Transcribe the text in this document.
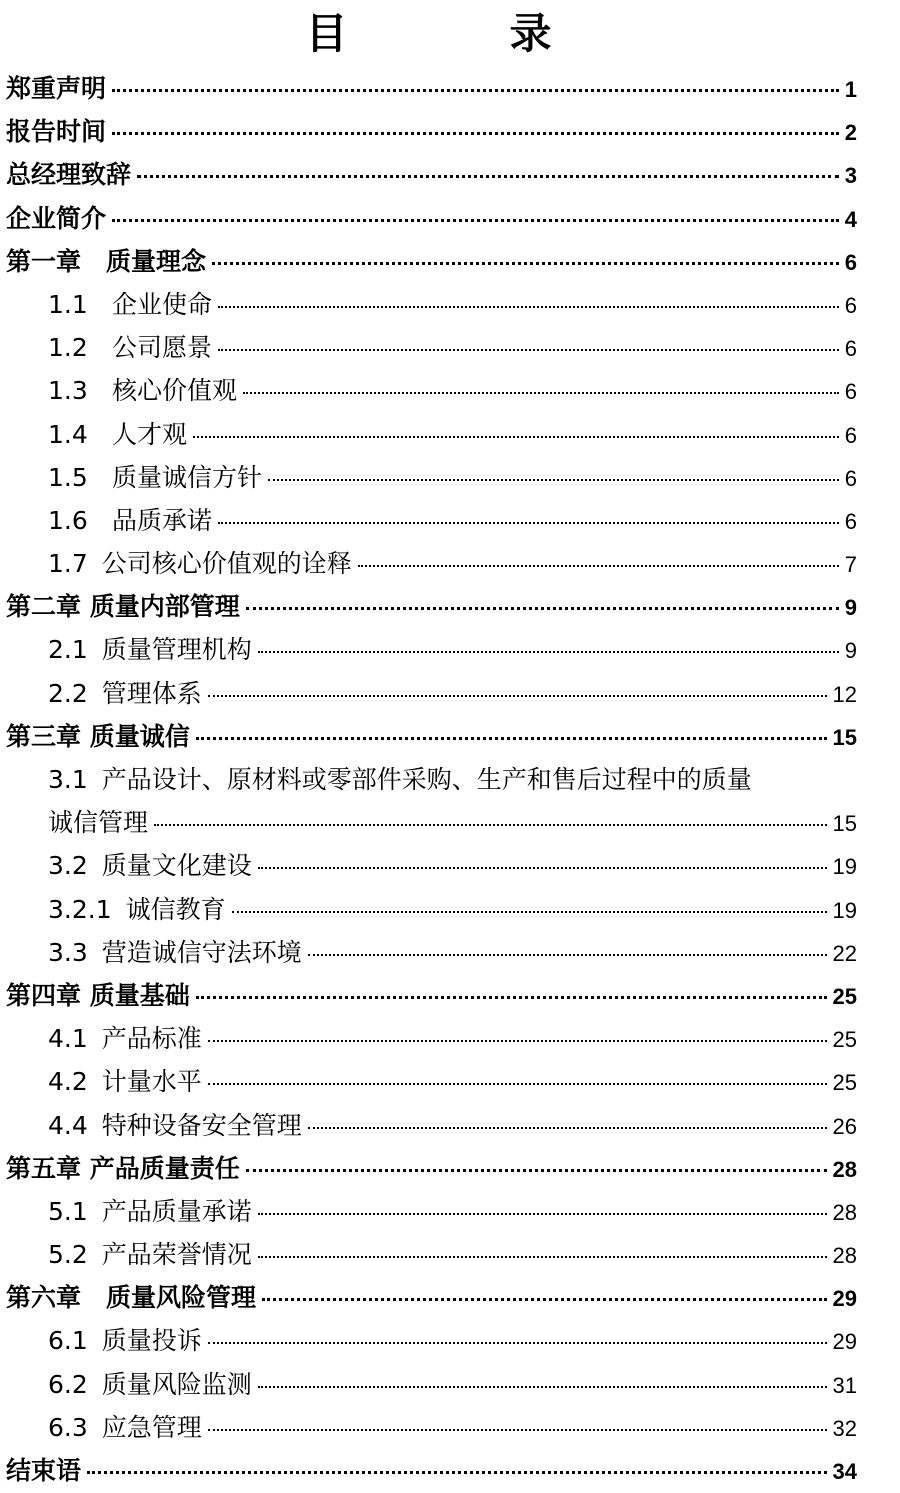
目　录
郑重声明	1
报告时间	2
总经理致辞	3
企业简介	4
第一章　质量理念	6
1.1 企业使命	6
1.2 公司愿景	6
1.3 核心价值观	6
1.4 人才观	6
1.5 质量诚信方针	6
1.6 品质承诺	6
1.7 公司核心价值观的诠释	7
第二章 质量内部管理	9
2.1 质量管理机构	9
2.2 管理体系	12
第三章 质量诚信	15
3.1 产品设计、原材料或零部件采购、生产和售后过程中的质量
诚信管理	15
3.2 质量文化建设	19
3.2.1 诚信教育	19
3.3 营造诚信守法环境	22
第四章 质量基础	25
4.1 产品标准	25
4.2 计量水平	25
4.4 特种设备安全管理	26
第五章 产品质量责任	28
5.1 产品质量承诺	28
5.2 产品荣誉情况	28
第六章　质量风险管理	29
6.1 质量投诉	29
6.2 质量风险监测	31
6.3 应急管理	32
结束语	34
